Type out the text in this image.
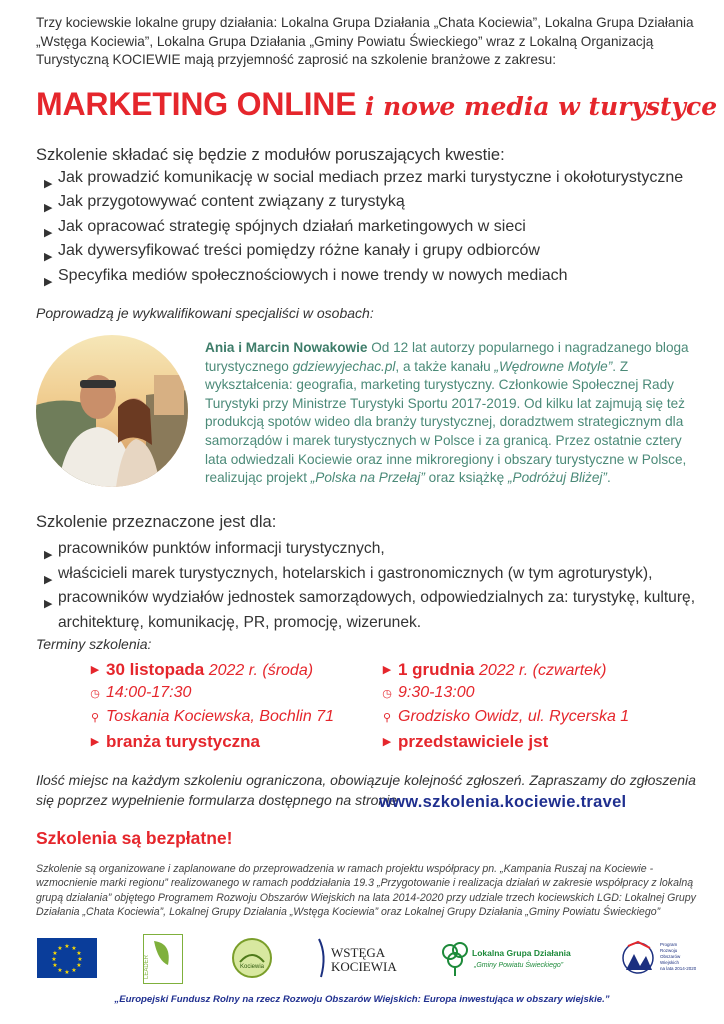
Trzy kociewskie lokalne grupy działania: Lokalna Grupa Działania „Chata Kociewia”, Lokalna Grupa Działania „Wstęga Kociewia”, Lokalna Grupa Działania „Gminy Powiatu Świeckiego” wraz z Lokalną Organizacją Turystyczną KOCIEWIE mają przyjemność zaprosić na szkolenie branżowe z zakresu:

MARKETING ONLINE i nowe media w turystyce

Szkolenie składać się będzie z modułów poruszających kwestie:

▶ Jak prowadzić komunikację w social mediach przez marki turystyczne i okołoturystyczne
▶ Jak przygotowywać content związany z turystyką
▶ Jak opracować strategię spójnych działań marketingowych w sieci
▶ Jak dywersyfikować treści pomiędzy różne kanały i grupy odbiorców
▶ Specyfika mediów społecznościowych i nowe trendy w nowych mediach

Poprowadzą je wykwalifikowani specjaliści w osobach:

Ania i Marcin Nowakowie Od 12 lat autorzy popularnego i nagradzanego bloga turystycznego gdziewyjechac.pl, a także kanału „Wędrowne Motyle”. Z wykształcenia: geografia, marketing turystyczny. Członkowie Społecznej Rady Turystyki przy Ministrze Turystyki Sportu 2017-2019. Od kilku lat zajmują się też produkcją spotów wideo dla branży turystycznej, doradztwem strategicznym dla samorządów i marek turystycznych w Polsce i za granicą. Przez ostatnie cztery lata odwiedzali Kociewie oraz inne mikroregiony i obszary turystyczne w Polsce, realizując projekt „Polska na Przełaj” oraz książkę „Podróżuj Bliżej”.

Szkolenie przeznaczone jest dla:

▶ pracowników punktów informacji turystycznych,
▶ właścicieli marek turystycznych, hotelarskich i gastronomicznych (w tym agroturystyk),
▶ pracowników wydziałów jednostek samorządowych, odpowiedzialnych za: turystykę, kulturę,
architekturę, komunikację, PR, promocję, wizerunek.

Terminy szkolenia:

▶ 30 listopada 2022 r. (środa)
◷ 14:00-17:30
⚲ Toskania Kociewska, Bochlin 71
▶ branża turystyczna
▶ 1 grudnia 2022 r. (czwartek)
◷ 9:30-13:00
⚲ Grodzisko Owidz, ul. Rycerska 1
▶ przedstawiciele jst

Ilość miejsc na każdym szkoleniu ograniczona, obowiązuje kolejność zgłoszeń. Zapraszamy do zgłoszenia się poprzez wypełnienie formularza dostępnego na stronie

www.szkolenia.kociewie.travel

Szkolenia są bezpłatne!

Szkolenie są organizowane i zaplanowane do przeprowadzenia w ramach projektu współpracy pn. „Kampania Ruszaj na Kociewie - wzmocnienie marki regionu” realizowanego w ramach poddziałania 19.3 „Przygotowanie i realizacja działań w zakresie współpracy z lokalną grupą działania” objętego Programem Rozwoju Obszarów Wiejskich na lata 2014-2020 przy udziale trzech kociewskich LGD: Lokalnej Grupy Działania „Chata Kociewia”, Lokalnej Grupy Działania „Wstęga Kociewia” oraz Lokalnej Grupy Działania „Gminy Powiatu Świeckiego”

★ ★
★
★
★
★
★
★
★
★
★
★
LEADER	Kociewia
WSTĘGA
KOCIEWIA
Lokalna Grupa Działania
„Gminy Powiatu Świeckiego”
Program
Rozwoju
Obszarów
Wiejskich
na lata 2014-2020

„Europejski Fundusz Rolny na rzecz Rozwoju Obszarów Wiejskich: Europa inwestująca w obszary wiejskie.”
